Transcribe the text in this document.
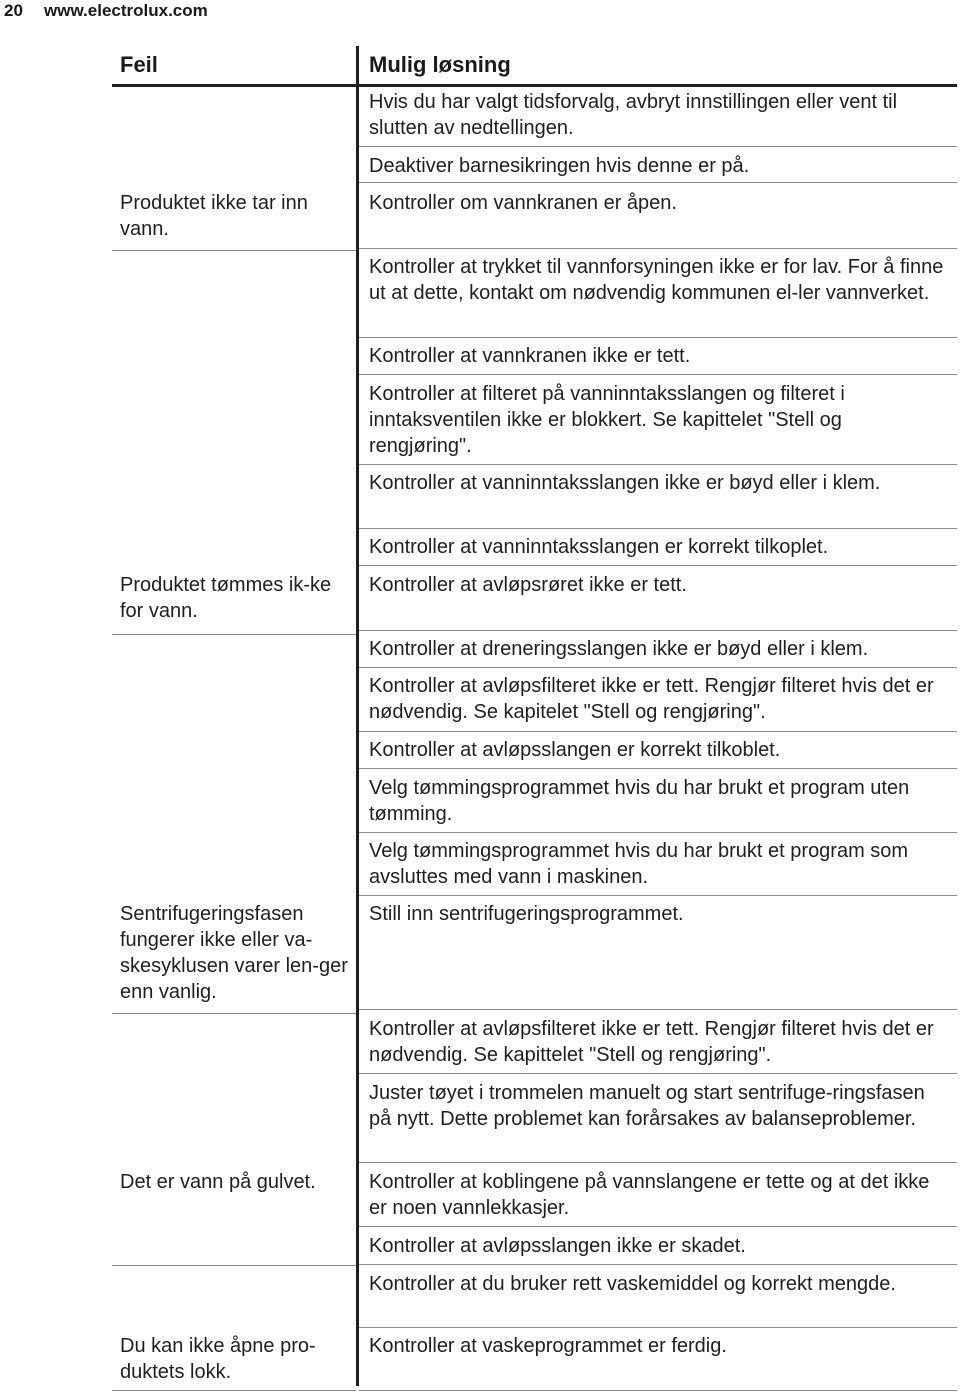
20	www.electrolux.com
Feil	Mulig løsning
Produktet ikke tar inn vann.
Produktet tømmes ik-ke for vann.
Sentrifugeringsfasen fungerer ikke eller va-skesyklusen varer len-ger enn vanlig.
Det er vann på gulvet.
Du kan ikke åpne pro-duktets lokk.
Hvis du har valgt tidsforvalg, avbryt innstillingen eller vent til slutten av nedtellingen.
Deaktiver barnesikringen hvis denne er på.
Kontroller om vannkranen er åpen.
Kontroller at trykket til vannforsyningen ikke er for lav. For å finne ut at dette, kontakt om nødvendig kommunen el-ler vannverket.
Kontroller at vannkranen ikke er tett.
Kontroller at filteret på vanninntaksslangen og filteret i inntaksventilen ikke er blokkert. Se kapittelet "Stell og rengjøring".
Kontroller at vanninntaksslangen ikke er bøyd eller i klem.
Kontroller at vanninntaksslangen er korrekt tilkoplet.
Kontroller at avløpsrøret ikke er tett.
Kontroller at dreneringsslangen ikke er bøyd eller i klem.
Kontroller at avløpsfilteret ikke er tett. Rengjør filteret hvis det er nødvendig. Se kapitelet "Stell og rengjøring".
Kontroller at avløpsslangen er korrekt tilkoblet.
Velg tømmingsprogrammet hvis du har brukt et program uten tømming.
Velg tømmingsprogrammet hvis du har brukt et program som avsluttes med vann i maskinen.
Still inn sentrifugeringsprogrammet.
Kontroller at avløpsfilteret ikke er tett. Rengjør filteret hvis det er nødvendig. Se kapittelet "Stell og rengjøring".
Juster tøyet i trommelen manuelt og start sentrifuge-ringsfasen på nytt. Dette problemet kan forårsakes av balanseproblemer.
Kontroller at koblingene på vannslangene er tette og at det ikke er noen vannlekkasjer.
Kontroller at avløpsslangen ikke er skadet.
Kontroller at du bruker rett vaskemiddel og korrekt mengde.
Kontroller at vaskeprogrammet er ferdig.
